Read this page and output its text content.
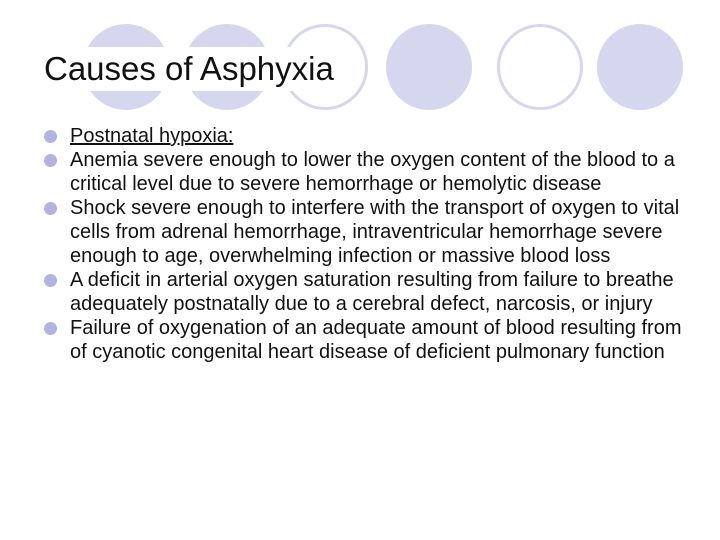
Causes of Asphyxia
Postnatal hypoxia:
Anemia severe enough to lower the oxygen content of the blood to a critical level due to severe hemorrhage or hemolytic disease
Shock severe enough to interfere with the transport of oxygen to vital cells from adrenal hemorrhage, intraventricular hemorrhage severe enough to age, overwhelming infection or massive blood loss
A deficit in arterial oxygen saturation resulting from failure to breathe adequately postnatally due to a cerebral defect, narcosis, or injury
Failure of oxygenation of an adequate amount of blood resulting from of cyanotic congenital heart disease of deficient pulmonary function
